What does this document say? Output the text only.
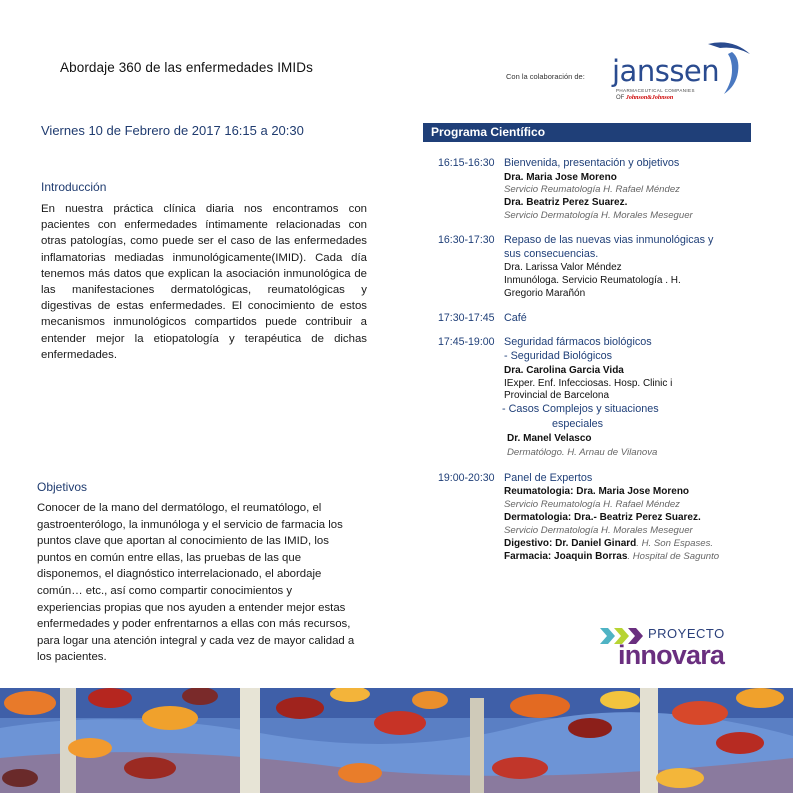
Abordaje 360 de las enfermedades IMIDs
Con la colaboración de: janssen
PHARMACEUTICAL COMPANIES
OF Johnson&Johnson
Viernes 10 de Febrero de 2017 16:15 a 20:30
Introducción
En nuestra práctica clínica diaria nos encontramos con pacientes con enfermedades íntimamente relacionadas con otras patologías, como puede ser el caso de las enfermedades inflamatorias mediadas inmunológicamente(IMID). Cada día tenemos más datos que explican la asociación inmunológica de las manifestaciones dermatológicas, reumatológicas y digestivas de estas enfermedades. El conocimiento de estos mecanismos inmunológicos compartidos puede contribuir a entender mejor la etiopatología y terapéutica de dichas enfermedades.
Objetivos
Conocer de la mano del dermatólogo, el reumatólogo, el gastroenterólogo, la inmunóloga y el servicio de farmacia los puntos clave que aportan al conocimiento de las IMID, los puntos en común entre ellas, las pruebas de las que disponemos, el diagnóstico interrelacionado, el abordaje común… etc., así como compartir conocimientos y experiencias propias que nos ayuden a entender mejor estas enfermedades y poder enfrentarnos a ellas con más recursos, para logar una atención integral y cada vez de mayor calidad a los pacientes.
Programa Científico
16:15-16:30 Bienvenida, presentación y objetivos
Dra. Maria Jose Moreno
Servicio Reumatología H. Rafael Méndez
Dra. Beatriz Perez Suarez.
Servicio Dermatología H. Morales Meseguer
16:30-17:30 Repaso de las nuevas vias inmunológicas y
sus consecuencias.
Dra. Larissa Valor Méndez
Inmunóloga. Servicio Reumatología . H.
Gregorio Marañón
17:30-17:45 Café
17:45-19:00 Seguridad fármacos biológicos
- Seguridad Biológicos
Dra. Carolina Garcia Vida
IExper. Enf. Infecciosas. Hosp. Clinic i
Provincial de Barcelona
- Casos Complejos y situaciones
especiales
Dr. Manel Velasco
Dermatólogo. H. Arnau de Vilanova
19:00-20:30 Panel de Expertos
Reumatologia: Dra. Maria Jose Moreno
Servicio Reumatología H. Rafael Méndez
Dermatologia: Dra.- Beatriz Perez Suarez.
Servicio Dermatología H. Morales Meseguer
Digestivo: Dr. Daniel Ginard. H. Son Espases.
Farmacia: Joaquin Borras. Hospital de Sagunto
PROYECTO
innovara
